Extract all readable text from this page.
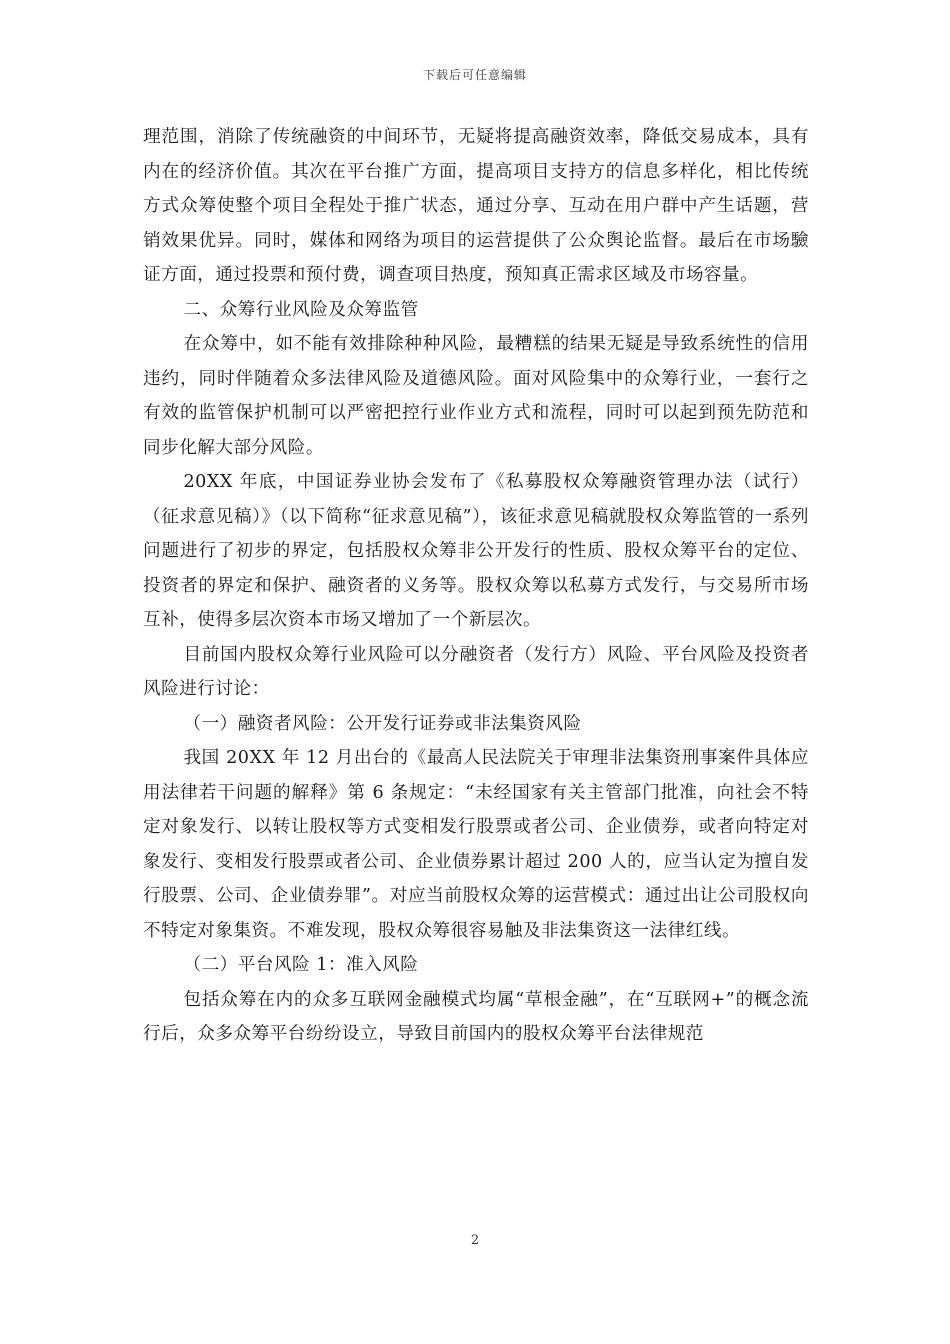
下载后可任意编辑

理范围，消除了传统融资的中间环节，无疑将提高融资效率，降低交易成本，具有内在的经济价值。其次在平台推广方面，提高项目支持方的信息多样化，相比传统方式众筹使整个项目全程处于推广状态，通过分享、互动在用户群中产生话题，营销效果优异。同时，媒体和网络为项目的运营提供了公众舆论监督。最后在市场驗证方面，通过投票和预付费，调查项目热度，预知真正需求区域及市场容量。

二、众筹行业风险及众筹监管

在众筹中，如不能有效排除种种风险，最糟糕的结果无疑是导致系统性的信用违约，同时伴随着众多法律风险及道德风险。面对风险集中的众筹行业，一套行之有效的监管保护机制可以严密把控行业作业方式和流程，同时可以起到预先防范和同步化解大部分风险。

20XX 年底，中国证券业协会发布了《私募股权众筹融资管理办法（试行）（征求意见稿）》（以下简称“征求意见稿”），该征求意见稿就股权众筹监管的一系列问题进行了初步的界定，包括股权众筹非公开发行的性质、股权众筹平台的定位、投资者的界定和保护、融资者的义务等。股权众筹以私募方式发行，与交易所市场互补，使得多层次资本市场又增加了一个新层次。

目前国内股权众筹行业风险可以分融资者（发行方）风险、平台风险及投资者风险进行讨论：

（一）融资者风险：公开发行证券或非法集资风险

我国 20XX 年 12 月出台的《最高人民法院关于审理非法集资刑事案件具体应用法律若干问题的解释》第 6 条规定：“未经国家有关主管部门批准，向社会不特定对象发行、以转让股权等方式变相发行股票或者公司、企业债券，或者向特定对象发行、变相发行股票或者公司、企业债券累计超过 200 人的，应当认定为擅自发行股票、公司、企业债券罪”。对应当前股权众筹的运营模式：通过出让公司股权向不特定对象集资。不难发现，股权众筹很容易触及非法集资这一法律红线。

（二）平台风险 1：准入风险

包括众筹在内的众多互联网金融模式均属“草根金融”，在“互联网+”的概念流行后，众多众筹平台纷纷设立，导致目前国内的股权众筹平台法律规范

2
